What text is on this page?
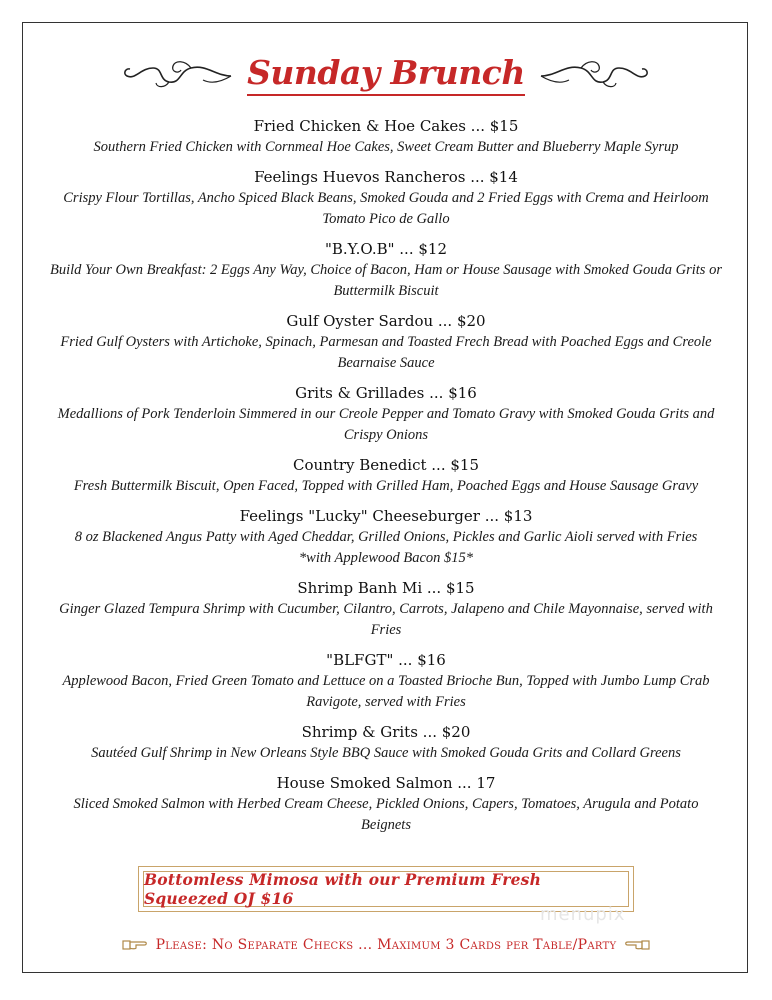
Sunday Brunch
Fried Chicken & Hoe Cakes ... $15
Southern Fried Chicken with Cornmeal Hoe Cakes, Sweet Cream Butter and Blueberry Maple Syrup
Feelings Huevos Rancheros ... $14
Crispy Flour Tortillas, Ancho Spiced Black Beans, Smoked Gouda and 2 Fried Eggs with Crema and Heirloom Tomato Pico de Gallo
"B.Y.O.B" ... $12
Build Your Own Breakfast: 2 Eggs Any Way, Choice of Bacon, Ham or House Sausage with Smoked Gouda Grits or Buttermilk Biscuit
Gulf Oyster Sardou ... $20
Fried Gulf Oysters with Artichoke, Spinach, Parmesan and Toasted Frech Bread with Poached Eggs and Creole Bearnaise Sauce
Grits & Grillades ... $16
Medallions of Pork Tenderloin Simmered in our Creole Pepper and Tomato Gravy with Smoked Gouda Grits and Crispy Onions
Country Benedict ... $15
Fresh Buttermilk Biscuit, Open Faced, Topped with Grilled Ham, Poached Eggs and House Sausage Gravy
Feelings "Lucky" Cheeseburger ... $13
8 oz Blackened Angus Patty with Aged Cheddar, Grilled Onions, Pickles and Garlic Aioli served with Fries
*with Applewood Bacon $15*
Shrimp Banh Mi ... $15
Ginger Glazed Tempura Shrimp with Cucumber, Cilantro, Carrots, Jalapeno and Chile Mayonnaise, served with Fries
"BLFGT" ... $16
Applewood Bacon, Fried Green Tomato and Lettuce on a Toasted Brioche Bun, Topped with Jumbo Lump Crab Ravigote, served with Fries
Shrimp & Grits ... $20
Sautéed Gulf Shrimp in New Orleans Style BBQ Sauce with Smoked Gouda Grits and Collard Greens
House Smoked Salmon ... 17
Sliced Smoked Salmon with Herbed Cream Cheese, Pickled Onions, Capers, Tomatoes, Arugula and Potato Beignets
Bottomless Mimosa with our Premium Fresh Squeezed OJ $16
menupix
Please: No Separate Checks ... Maximum 3 Cards per Table/Party
